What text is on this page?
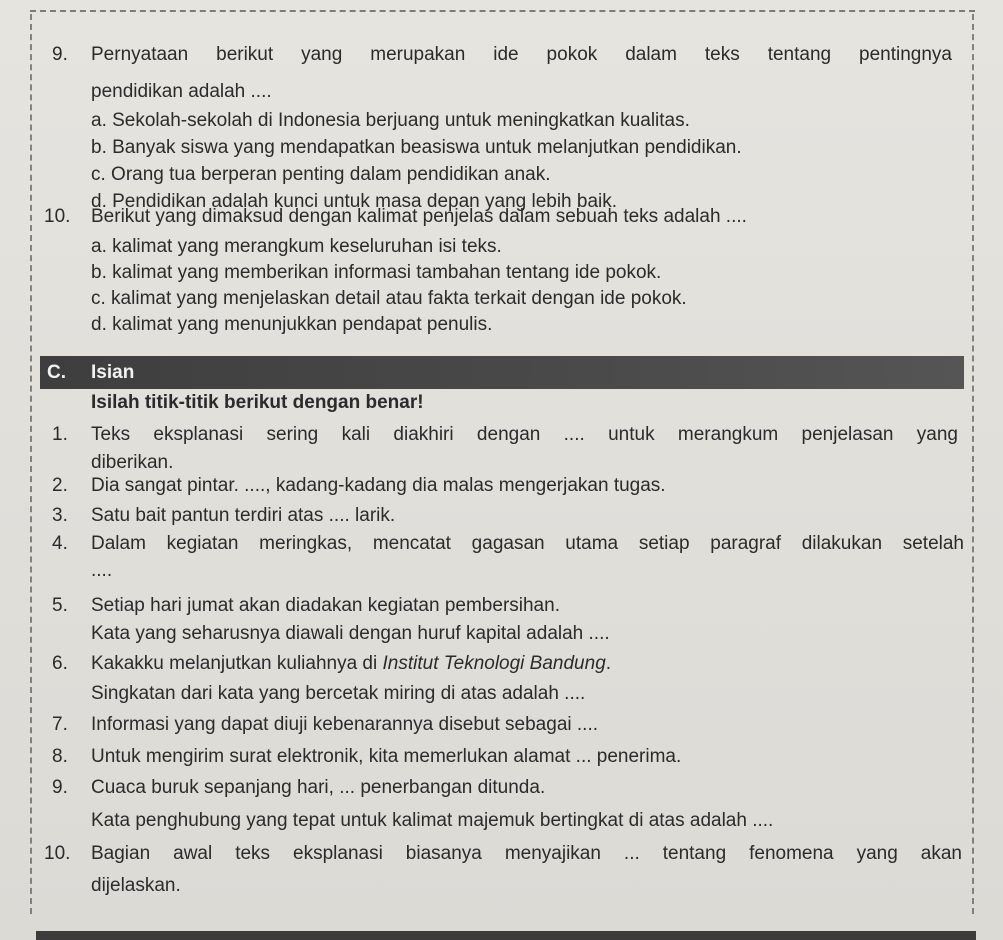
9. Pernyataan berikut yang merupakan ide pokok dalam teks tentang pentingnya
pendidikan adalah ....
a. Sekolah-sekolah di Indonesia berjuang untuk meningkatkan kualitas.
b. Banyak siswa yang mendapatkan beasiswa untuk melanjutkan pendidikan.
c. Orang tua berperan penting dalam pendidikan anak.
d. Pendidikan adalah kunci untuk masa depan yang lebih baik.
10. Berikut yang dimaksud dengan kalimat penjelas dalam sebuah teks adalah ....
a. kalimat yang merangkum keseluruhan isi teks.
b. kalimat yang memberikan informasi tambahan tentang ide pokok.
c. kalimat yang menjelaskan detail atau fakta terkait dengan ide pokok.
d. kalimat yang menunjukkan pendapat penulis.
C. Isian
Isilah titik-titik berikut dengan benar!
1. Teks eksplanasi sering kali diakhiri dengan .... untuk merangkum penjelasan yang
diberikan.
2. Dia sangat pintar. ...., kadang-kadang dia malas mengerjakan tugas.
3. Satu bait pantun terdiri atas .... larik.
4. Dalam kegiatan meringkas, mencatat gagasan utama setiap paragraf dilakukan setelah
....
5. Setiap hari jumat akan diadakan kegiatan pembersihan.
Kata yang seharusnya diawali dengan huruf kapital adalah ....
6. Kakakku melanjutkan kuliahnya di Institut Teknologi Bandung.
Singkatan dari kata yang bercetak miring di atas adalah ....
7. Informasi yang dapat diuji kebenarannya disebut sebagai ....
8. Untuk mengirim surat elektronik, kita memerlukan alamat ... penerima.
9. Cuaca buruk sepanjang hari, ... penerbangan ditunda.
Kata penghubung yang tepat untuk kalimat majemuk bertingkat di atas adalah ....
10. Bagian awal teks eksplanasi biasanya menyajikan ... tentang fenomena yang akan
dijelaskan.
